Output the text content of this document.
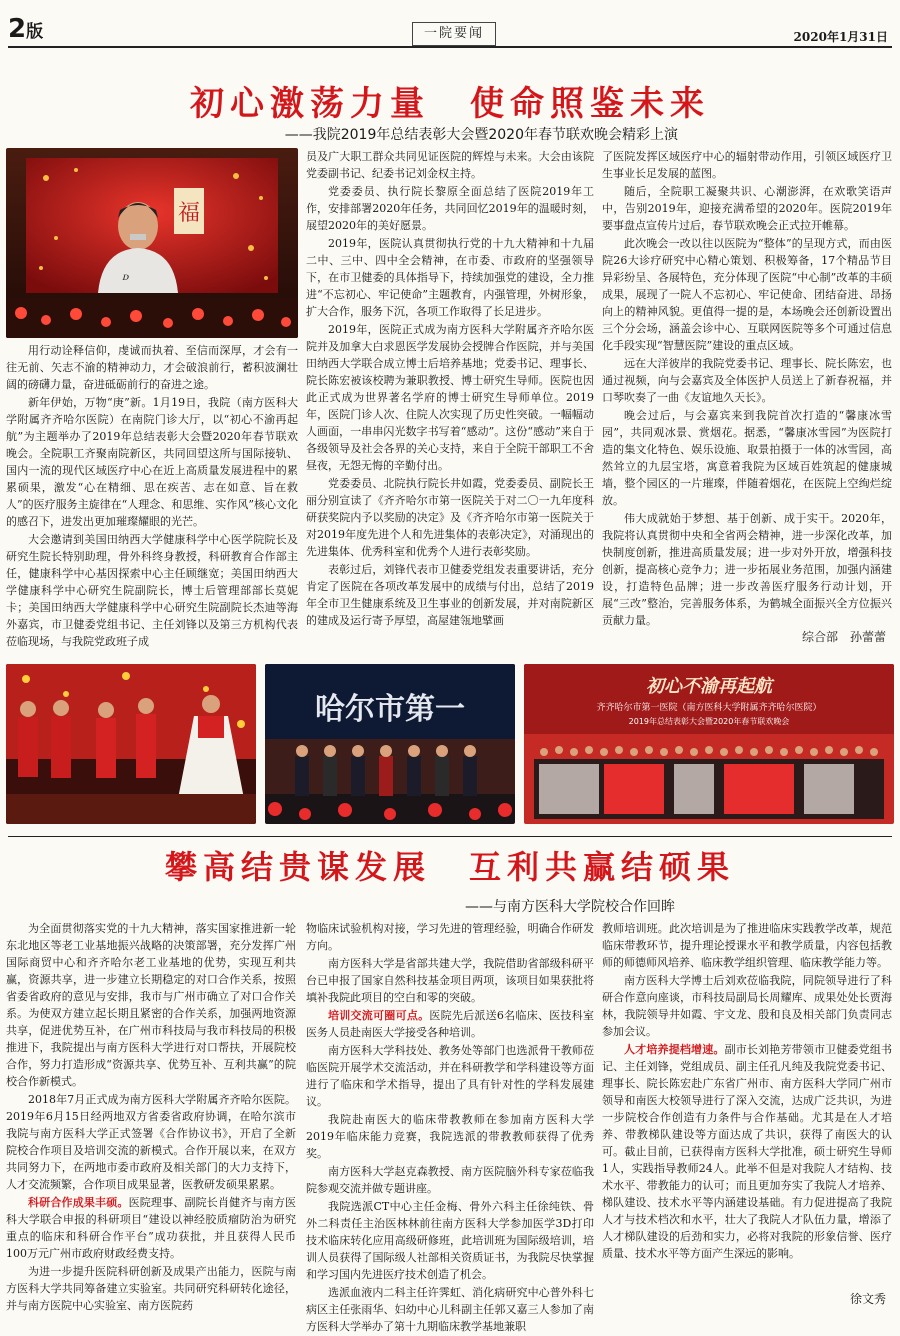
2版	一院要闻	2020年1月31日
初心激荡力量　使命照鉴未来
——我院2019年总结表彰大会暨2020年春节联欢晚会精彩上演
福
ꭰ

用行动诠释信仰，虔诚而执着、至信而深厚，才会有一往无前、矢志不渝的精神动力，才会破浪前行，蓄积波澜壮阔的磅礴力量，奋进砥砺前行的奋进之途。

新年伊始，万物“庚”新。1月19日，我院（南方医科大学附属齐齐哈尔医院）在南院门诊大厅，以“初心不渝再起航”为主题举办了2019年总结表彰大会暨2020年春节联欢晚会。全院职工齐聚南院新区，共同回望这所与国际接轨、国内一流的现代区域医疗中心在近上高质量发展进程中的累累硕果，激发“心在精细、思在疾苦、志在如意、旨在救人”的医疗服务主旋律在“人理念、和思维、实作风”核心文化的感召下，进发出更加璀璨耀眼的光芒。

大会邀请到美国田纳西大学健康科学中心医学院院长及研究生院长特别助理，骨外科终身教授，科研教育合作部主任，健康科学中心基因探索中心主任顾继宽；美国田纳西大学健康科学中心研究生院副院长，博士后管理部部长莫妮卡；美国田纳西大学健康科学中心研究生院副院长杰迪等海外嘉宾，市卫健委党组书记、主任刘锋以及第三方机构代表莅临现场，与我院党政班子成

员及广大职工群众共同见证医院的辉煌与未来。大会由该院党委副书记、纪委书记刘金权主持。

党委委员、执行院长黎原全面总结了医院2019年工作，安排部署2020年任务，共同回忆2019年的温暖时刻，展望2020年的美好愿景。

2019年，医院认真贯彻执行党的十九大精神和十九届二中、三中、四中全会精神，在市委、市政府的坚强领导下，在市卫健委的具体指导下，持续加强党的建设，全力推进“不忘初心、牢记使命”主题教育，内强管理，外树形象，扩大合作，服务下沉，各项工作取得了长足进步。

2019年，医院正式成为南方医科大学附属齐齐哈尔医院并及加拿大白求恩医学发展协会授牌合作医院，并与美国田纳西大学联合成立博士后培养基地；党委书记、理事长、院长陈宏被该校聘为兼职教授、博士研究生导师。医院也因此正式成为世界著名学府的博士研究生导师单位。2019年，医院门诊人次、住院人次实现了历史性突破。一幅幅动人画面，一串串闪光数字书写着“感动”。这份“感动”来自于各级领导及社会各界的关心支持，来自于全院干部职工不舍昼夜，无怨无悔的辛勤付出。

党委委员、北院执行院长井如霞，党委委员、副院长王丽分别宣读了《齐齐哈尔市第一医院关于对二〇一九年度科研获奖院内予以奖励的决定》及《齐齐哈尔市第一医院关于对2019年度先进个人和先进集体的表彰决定》，对涌现出的先进集体、优秀科室和优秀个人进行表彰奖励。

表彰过后，刘锋代表市卫健委党组发表重要讲话，充分肯定了医院在各项改革发展中的成绩与付出，总结了2019年全市卫生健康系统及卫生事业的创新发展，并对南院新区的建成及运行寄予厚望，高屋建瓴地擘画

了医院发挥区域医疗中心的辐射带动作用，引领区域医疗卫生事业长足发展的蓝图。

随后，全院职工凝聚共识、心潮澎湃，在欢歌笑语声中，告别2019年，迎接充满希望的2020年。医院2019年要事盘点宣传片过后，春节联欢晚会正式拉开帷幕。

此次晚会一改以往以医院为“整体”的呈现方式，而由医院26大诊疗研究中心精心策划、积极筹备，17个精品节目异彩纷呈、各展特色，充分体现了医院“中心制”改革的丰硕成果，展现了一院人不忘初心、牢记使命、团结奋进、昂扬向上的精神风貌。更值得一提的是，本场晚会还创新设置出三个分会场，涵盖会诊中心、互联网医院等多个可通过信息化手段实现“智慧医院”建设的重点区域。

远在大洋彼岸的我院党委书记、理事长、院长陈宏，也通过视频，向与会嘉宾及全体医护人员送上了新春祝福，并口琴吹奏了一曲《友谊地久天长》。

晚会过后，与会嘉宾来到我院首次打造的“馨康冰雪园”，共同观冰景、赏烟花。据悉，“馨康冰雪园”为医院打造的集文化特色、娱乐设施、取景拍摄于一体的冰雪园，高然耸立的九层宝塔，寓意着我院为区域百姓筑起的健康城墙，整个园区的一片璀璨，伴随着烟花，在医院上空绚烂绽放。

伟大成就始于梦想、基于创新、成于实干。2020年，我院将认真贯彻中央和全省两会精神，进一步深化改革，加快制度创新，推进高质量发展；进一步对外开放，增强科技创新，提高核心竞争力；进一步拓展业务范围，加强内涵建设，打造特色品牌；进一步改善医疗服务行动计划，开展“三改”整治，完善服务体系，为鹤城全面振兴全方位振兴贡献力量。

综合部　孙蕾蕾
哈尔市第一
初心不渝再起航
齐齐哈尔市第一医院（南方医科大学附属齐齐哈尔医院）
2019年总结表彰大会暨2020年春节联欢晚会
攀高结贵谋发展　互利共赢结硕果
——与南方医科大学院校合作回眸

为全面贯彻落实党的十九大精神，落实国家推进新一轮东北地区等老工业基地振兴战略的决策部署，充分发挥广州国际商贸中心和齐齐哈尔老工业基地的优势，实现互利共赢，资源共享，进一步建立长期稳定的对口合作关系，按照省委省政府的意见与安排，我市与广州市确立了对口合作关系。为使双方建立起长期且紧密的合作关系，加强两地资源共享，促进优势互补，在广州市科技局与我市科技局的积极推进下，我院提出与南方医科大学进行对口帮扶，开展院校合作，努力打造形成“资源共享、优势互补、互利共赢”的院校合作新模式。

2018年7月正式成为南方医科大学附属齐齐哈尔医院。2019年6月15日经两地双方省委省政府协调，在哈尔滨市我院与南方医科大学正式签署《合作协议书》，开启了全新院校合作项目及培训交流的新模式。合作开展以来，在双方共同努力下，在两地市委市政府及相关部门的大力支持下，人才交流频繁，合作项目成果显著，医教研发硕果累累。

科研合作成果丰硕。医院理事、副院长肖健齐与南方医科大学联合申报的科研项目“建设以神经胶质瘤防治为研究重点的临床和科研合作平台”成功获批，并且获得人民币100万元广州市政府财政经费支持。

为进一步提升医院科研创新及成果产出能力，医院与南方医科大学共同筹备建立实验室。共同研究科研转化途径，并与南方医院中心实验室、南方医院药

物临床试验机构对接，学习先进的管理经验，明确合作研发方向。

南方医科大学是省部共建大学，我院借助省部级科研平台已申报了国家自然科技基金项目两项，该项目如果获批将填补我院此项目的空白和零的突破。

培训交流可圈可点。医院先后派送6名临床、医技科室医务人员赴南医大学接受各种培训。

南方医科大学科技处、教务处等部门也选派骨干教师莅临医院开展学术交流活动，并在科研教学和学科建设等方面进行了临床和学术指导，提出了具有针对性的学科发展建议。

我院赴南医大的临床带教教师在参加南方医科大学2019年临床能力竞赛，我院选派的带教教师获得了优秀奖。

南方医科大学赵克森教授、南方医院脑外科专家莅临我院参观交流并做专题讲座。

我院选派CT中心主任金梅、骨外六科主任徐纯铁、骨外二科责任主治医林林前往南方医科大学参加医学3D打印技术临床转化应用高级研修班，此培训班为国际级培训，培训人员获得了国际级人社部相关资质证书，为我院尽快掌握和学习国内先进医疗技术创造了机会。

选派血液内二科主任许霁虹、消化病研究中心普外科七病区主任张雨华、妇幼中心儿科副主任郭又嘉三人参加了南方医科大学举办了第十九期临床教学基地兼职

教师培训班。此次培训是为了推进临床实践教学改革，规范临床带教环节，提升理论授课水平和教学质量，内容包括教师的师德师风培养、临床教学组织管理、临床教学能力等。

南方医科大学博士后刘欢莅临我院，同院领导进行了科研合作意向座谈，市科技局副局长周耀库、成果处处长贾海林，我院领导井如霞、宇文龙、殷和良及相关部门负责同志参加会议。

人才培养提档增速。副市长刘艳芳带领市卫健委党组书记、主任刘锋，党组成员、副主任孔凡纯及我院党委书记、理事长、院长陈宏赴广东省广州市、南方医科大学同广州市领导和南医大校领导进行了深入交流，达成广泛共识，为进一步院校合作创造有力条件与合作基础。尤其是在人才培养、带教梯队建设等方面达成了共识，获得了南医大的认可。截止目前，已获得南方医科大学批准，硕士研究生导师1人，实践指导教师24人。此举不但是对我院人才结构、技术水平、带教能力的认可；而且更加夯实了我院人才培养、梯队建设、技术水平等内涵建设基础。有力促进提高了我院人才与技术档次和水平，壮大了我院人才队伍力量，增添了人才梯队建设的后劲和实力，必将对我院的形象信誉、医疗质量、技术水平等方面产生深远的影响。

徐文秀
